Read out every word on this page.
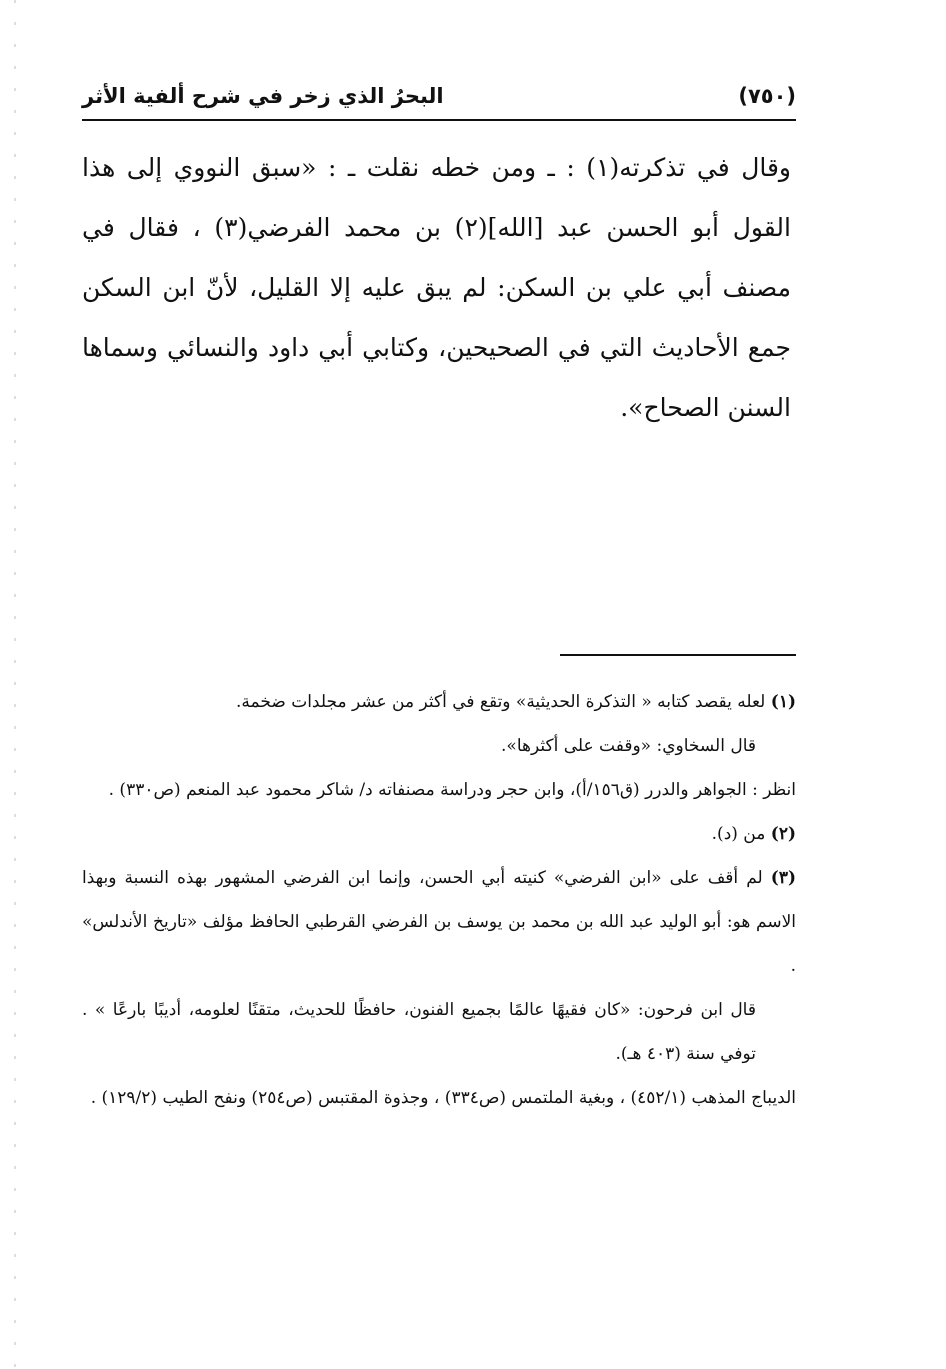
(٧٥٠)
البحرُ الذي زخر في شرح ألفية الأثر

وقال في تذكرته(١) : ـ ومن خطه نقلت ـ : «سبق النووي إلى هذا القول أبو الحسن عبد [الله](٢) بن محمد الفرضي(٣) ، فقال في مصنف أبي علي بن السكن: لم يبق عليه إلا القليل، لأنّ ابن السكن جمع الأحاديث التي في الصحيحين، وكتابي أبي داود والنسائي وسماها السنن الصحاح».

(١) لعله يقصد كتابه « التذكرة الحديثية» وتقع في أكثر من عشر مجلدات ضخمة.

قال السخاوي: «وقفت على أكثرها».

انظر : الجواهر والدرر (ق١٥٦/أ)، وابن حجر ودراسة مصنفاته د/ شاكر محمود عبد المنعم (ص٣٣٠) .

(٢) من (د).

(٣) لم أقف على «ابن الفرضي» كنيته أبي الحسن، وإنما ابن الفرضي المشهور بهذه النسبة وبهذا الاسم هو: أبو الوليد عبد الله بن محمد بن يوسف بن الفرضي القرطبي الحافظ مؤلف «تاريخ الأندلس» .

قال ابن فرحون: «كان فقيهًا عالمًا بجميع الفنون، حافظًا للحديث، متقنًا لعلومه، أديبًا بارعًا » . توفي سنة (٤٠٣ هـ).

الديباج المذهب (٤٥٢/١) ، وبغية الملتمس (ص٣٣٤) ، وجذوة المقتبس (ص٢٥٤) ونفح الطيب (١٢٩/٢) .
